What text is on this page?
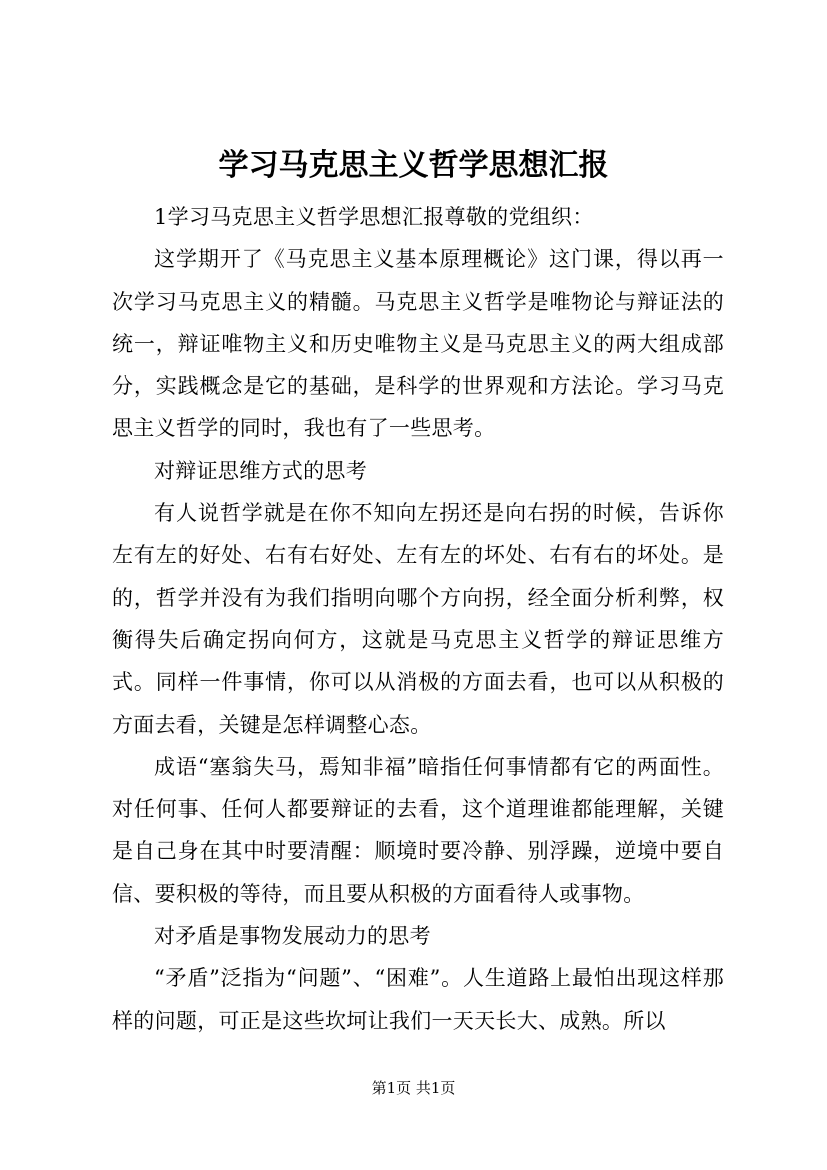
学习马克思主义哲学思想汇报

1学习马克思主义哲学思想汇报尊敬的党组织：

这学期开了《马克思主义基本原理概论》这门课，得以再一次学习马克思主义的精髓。马克思主义哲学是唯物论与辩证法的统一，辩证唯物主义和历史唯物主义是马克思主义的两大组成部分，实践概念是它的基础，是科学的世界观和方法论。学习马克思主义哲学的同时，我也有了一些思考。

对辩证思维方式的思考

有人说哲学就是在你不知向左拐还是向右拐的时候，告诉你左有左的好处、右有右好处、左有左的坏处、右有右的坏处。是的，哲学并没有为我们指明向哪个方向拐，经全面分析利弊，权衡得失后确定拐向何方，这就是马克思主义哲学的辩证思维方式。同样一件事情，你可以从消极的方面去看，也可以从积极的方面去看，关键是怎样调整心态。

成语“塞翁失马，焉知非福”暗指任何事情都有它的两面性。对任何事、任何人都要辩证的去看，这个道理谁都能理解，关键是自己身在其中时要清醒：顺境时要冷静、别浮躁，逆境中要自信、要积极的等待，而且要从积极的方面看待人或事物。

对矛盾是事物发展动力的思考

“矛盾”泛指为“问题”、“困难”。人生道路上最怕出现这样那样的问题，可正是这些坎坷让我们一天天长大、成熟。所以

第1页 共1页
